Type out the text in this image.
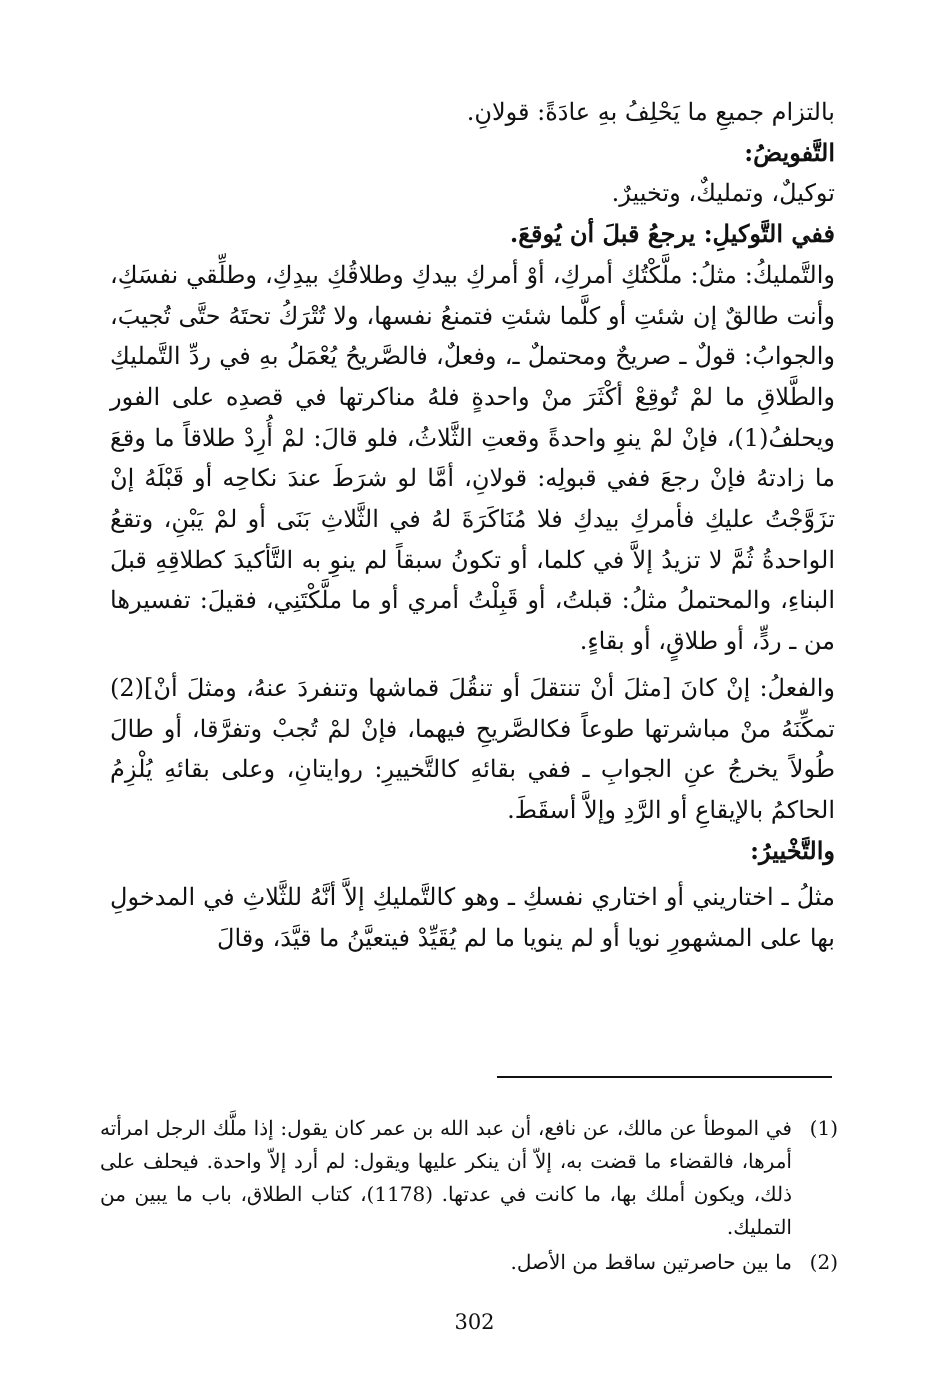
بالتزام جميعِ ما يَحْلِفُ بهِ عادَةً: قولانِ.

التَّفويضُ:

توكيلٌ، وتمليكٌ، وتخييرٌ.

ففي التَّوكيلِ: يرجعُ قبلَ أن يُوقعَ.

والتَّمليكُ: مثلُ: ملَّكْتُكِ أمركِ، أوْ أمركِ بيدكِ وطلاقُكِ بيدِكِ، وطلِّقي نفسَكِ، وأنت طالقٌ إن شئتِ أو كلَّما شئتِ فتمنعُ نفسها، ولا تُتْرَكُ تحتَهُ حتَّى تُجيبَ، والجوابُ: قولٌ ـ صريحٌ ومحتملٌ ـ، وفعلٌ، فالصَّريحُ يُعْمَلُ بهِ في ردِّ التَّمليكِ والطَّلاقِ ما لمْ تُوقِعْ أكْثَرَ منْ واحدةٍ فلهُ مناكرتها في قصدِه على الفور ويحلفُ(1)، فإنْ لمْ ينوِ واحدةً وقعتِ الثَّلاثُ، فلو قالَ: لمْ أُرِدْ طلاقاً ما وقعَ ما زادتهُ فإنْ رجعَ ففي قبولِه: قولانِ، أمَّا لو شرَطَ عندَ نكاحِه أو قَبْلَهُ إنْ تزَوَّجْتُ عليكِ فأمركِ بيدكِ فلا مُنَاكَرَةَ لهُ في الثَّلاثِ بَنَى أو لمْ يَبْنِ، وتقعُ الواحدةُ ثُمَّ لا تزيدُ إلاَّ في كلما، أو تكونُ سبقاً لم ينوِ به التَّأكيدَ كطلاقِهِ قبلَ البناءِ، والمحتملُ مثلُ: قبلتُ، أو قَبِلْتُ أمري أو ما ملَّكْتَنِي، فقيلَ: تفسيرها من ـ ردٍّ، أو طلاقٍ، أو بقاءٍ.

والفعلُ: إنْ كانَ [مثلَ أنْ تنتقلَ أو تنقُلَ قماشها وتنفردَ عنهُ، ومثلَ أنْ](2) تمكِّنَهُ منْ مباشرتها طوعاً فكالصَّريحِ فيهما، فإنْ لمْ تُجبْ وتفرَّقا، أو طالَ طُولاً يخرجُ عنِ الجوابِ ـ ففي بقائهِ كالتَّخييرِ: روايتانِ، وعلى بقائهِ يُلْزِمُ الحاكمُ بالإيقاعِ أو الرَّدِ وإلاَّ أسقَطَ.

والتَّخْييرُ:

مثلُ ـ اختاريني أو اختاري نفسكِ ـ وهو كالتَّمليكِ إلاَّ أنَّهُ للثَّلاثِ في المدخولِ بها على المشهورِ نويا أو لم ينويا ما لم يُقَيِّدْ فيتعيَّنُ ما قيَّدَ، وقالَ

(1)
في الموطأ عن مالك، عن نافع، أن عبد الله بن عمر كان يقول: إذا ملَّك الرجل امرأته أمرها، فالقضاء ما قضت به، إلاّ أن ينكر عليها ويقول: لم أرد إلاّ واحدة. فيحلف على ذلك، ويكون أملك بها، ما كانت في عدتها. (1178)، كتاب الطلاق، باب ما يبين من التمليك.
(2)
ما بين حاصرتين ساقط من الأصل.
302
